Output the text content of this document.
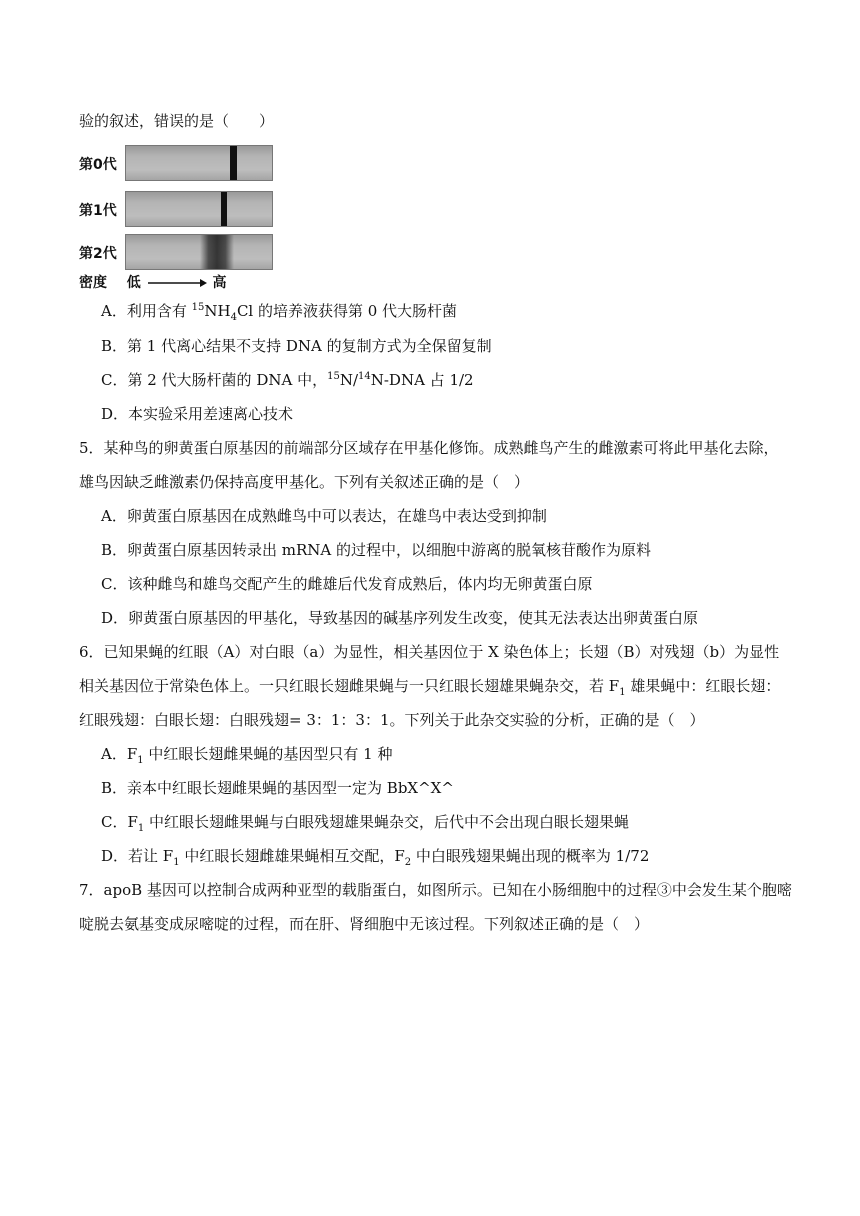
验的叙述，错误的是（　　）
第0代
第1代
第2代
密度 低	高
A．利用含有 $^{15}NH_4Cl$ 的培养液获得第 0 代大肠杆菌
B．第 1 代离心结果不支持 DNA 的复制方式为全保留复制
C．第 2 代大肠杆菌的 DNA 中，$^{15}$N/$^{14}$N-DNA 占 1/2
D．本实验采用差速离心技术
5．某种鸟的卵黄蛋白原基因的前端部分区域存在甲基化修饰。成熟雌鸟产生的雌激素可将此甲基化去除，
雄鸟因缺乏雌激素仍保持高度甲基化。下列有关叙述正确的是（　）
A．卵黄蛋白原基因在成熟雌鸟中可以表达，在雄鸟中表达受到抑制
B．卵黄蛋白原基因转录出 mRNA 的过程中，以细胞中游离的脱氧核苷酸作为原料
C．该种雌鸟和雄鸟交配产生的雌雄后代发育成熟后，体内均无卵黄蛋白原
D．卵黄蛋白原基因的甲基化，导致基因的碱基序列发生改变，使其无法表达出卵黄蛋白原
6．已知果蝇的红眼（A）对白眼（a）为显性，相关基因位于 X 染色体上；长翅（B）对残翅（b）为显性
相关基因位于常染色体上。一只红眼长翅雌果蝇与一只红眼长翅雄果蝇杂交，若 $F_1$ 雄果蝇中：红眼长翅：
红眼残翅：白眼长翅：白眼残翅= 3：1：3：1。下列关于此杂交实验的分析，正确的是（　）
A．$F_1$ 中红眼长翅雌果蝇的基因型只有 1 种
B．亲本中红眼长翅雌果蝇的基因型一定为 BbX^X^
C．$F_1$ 中红眼长翅雌果蝇与白眼残翅雄果蝇杂交，后代中不会出现白眼长翅果蝇
D．若让 $F_1$ 中红眼长翅雌雄果蝇相互交配，$F_2$ 中白眼残翅果蝇出现的概率为 1/72
7．apoB 基因可以控制合成两种亚型的载脂蛋白，如图所示。已知在小肠细胞中的过程③中会发生某个胞嘧
啶脱去氨基变成尿嘧啶的过程，而在肝、肾细胞中无该过程。下列叙述正确的是（　）
